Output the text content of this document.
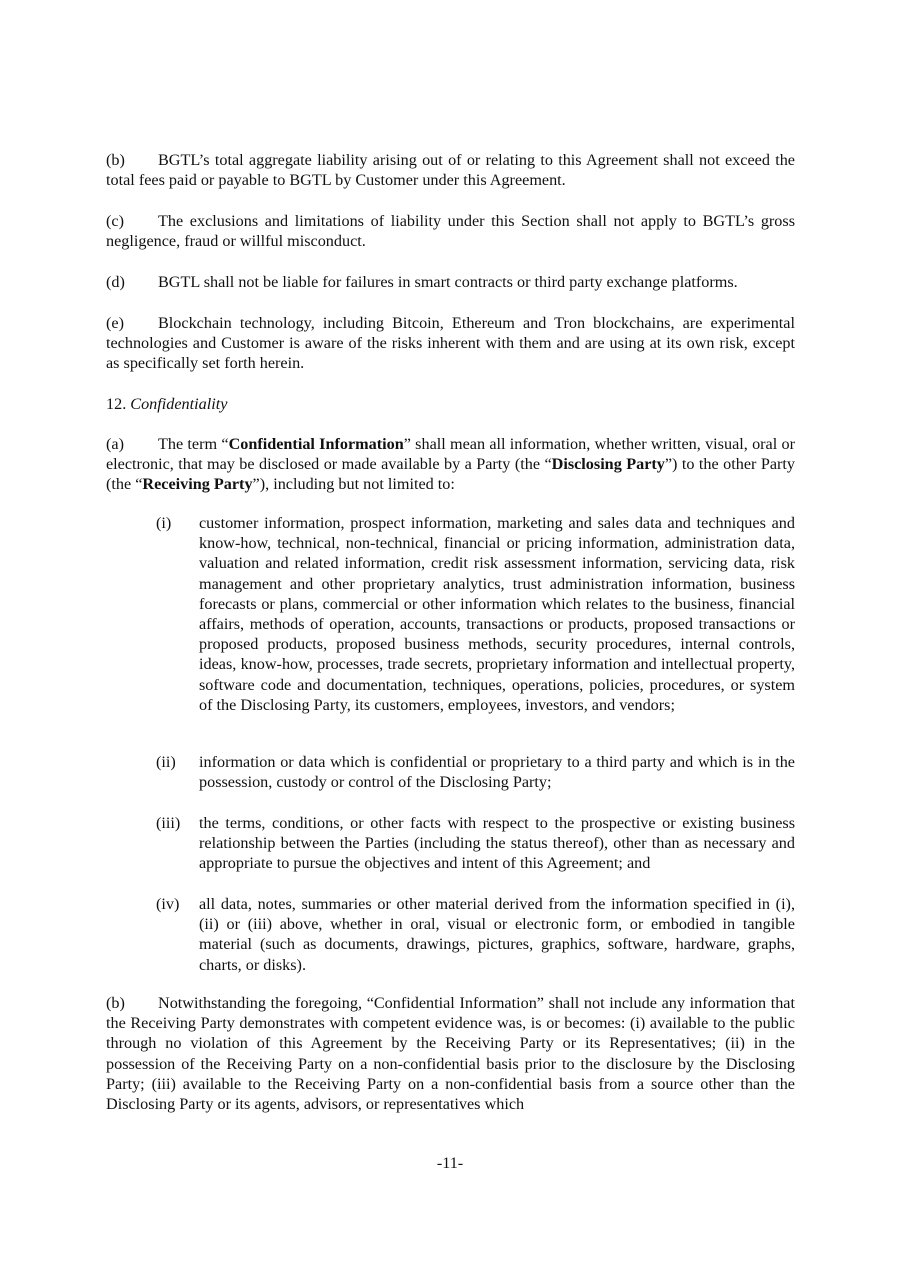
(b) BGTL’s total aggregate liability arising out of or relating to this Agreement shall not exceed the total fees paid or payable to BGTL by Customer under this Agreement.

(c) The exclusions and limitations of liability under this Section shall not apply to BGTL’s gross negligence, fraud or willful misconduct.

(d) BGTL shall not be liable for failures in smart contracts or third party exchange platforms.

(e) Blockchain technology, including Bitcoin, Ethereum and Tron blockchains, are experimental technologies and Customer is aware of the risks inherent with them and are using at its own risk, except as specifically set forth herein.

12. Confidentiality

(a) The term “Confidential Information” shall mean all information, whether written, visual, oral or electronic, that may be disclosed or made available by a Party (the “Disclosing Party”) to the other Party (the “Receiving Party”), including but not limited to:

(i) customer information, prospect information, marketing and sales data and techniques and know-how, technical, non-technical, financial or pricing information, administration data, valuation and related information, credit risk assessment information, servicing data, risk management and other proprietary analytics, trust administration information, business forecasts or plans, commercial or other information which relates to the business, financial affairs, methods of operation, accounts, transactions or products, proposed transactions or proposed products, proposed business methods, security procedures, internal controls, ideas, know-how, processes, trade secrets, proprietary information and intellectual property, software code and documentation, techniques, operations, policies, procedures, or system of the Disclosing Party, its customers, employees, investors, and vendors;

(ii) information or data which is confidential or proprietary to a third party and which is in the possession, custody or control of the Disclosing Party;

(iii) the terms, conditions, or other facts with respect to the prospective or existing business relationship between the Parties (including the status thereof), other than as necessary and appropriate to pursue the objectives and intent of this Agreement; and

(iv) all data, notes, summaries or other material derived from the information specified in (i), (ii) or (iii) above, whether in oral, visual or electronic form, or embodied in tangible material (such as documents, drawings, pictures, graphics, software, hardware, graphs, charts, or disks).

(b) Notwithstanding the foregoing, “Confidential Information” shall not include any information that the Receiving Party demonstrates with competent evidence was, is or becomes: (i) available to the public through no violation of this Agreement by the Receiving Party or its Representatives; (ii) in the possession of the Receiving Party on a non-confidential basis prior to the disclosure by the Disclosing Party; (iii) available to the Receiving Party on a non-confidential basis from a source other than the Disclosing Party or its agents, advisors, or representatives which

-11-
